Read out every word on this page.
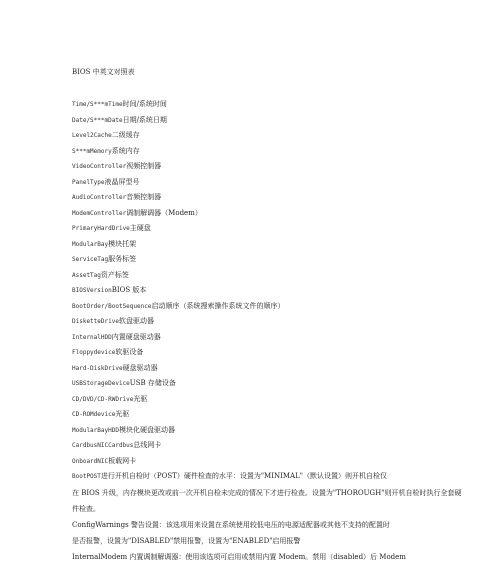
BIOS 中英文对照表
Time/S***mTime时间/系统时间
Date/S***mDate日期/系统日期
Level2Cache二级缓存
S***mMemory系统内存
VideoController视频控制器
PanelType液晶屏型号
AudioController音频控制器
ModemController调制解调器（Modem）
PrimaryHardDrive主硬盘
ModularBay模块托架
ServiceTag服务标签
AssetTag资产标签
BIOSVersionBIOS 版本
BootOrder/BootSequence启动顺序（系统搜索操作系统文件的顺序）
DisketteDrive软盘驱动器
InternalHDD内置硬盘驱动器
Floppydevice软驱设备
Hard-DiskDrive硬盘驱动器
USBStorageDeviceUSB 存储设备
CD/DVD/CD-RWDrive光驱
CD-ROMdevice光驱
ModularBayHDD模块化硬盘驱动器
CardbusNICCardbus总线网卡
OnboardNIC板载网卡
BootPOST进行开机自检时（POST）硬件检查的水平：设置为"MINIMAL"（默认设置）则开机自检仅
在 BIOS 升级，内存模块更改或前一次开机自检未完成的情况下才进行检查。设置为"THOROUGH"则开机自检时执行全套硬
件检查。
ConfigWarnings 警告设置：该选项用来设置在系统使用较低电压的电源适配器或其他不支持的配置时
是否报警，设置为"DISABLED"禁用报警，设置为"ENABLED"启用报警
InternalModem 内置调制解调器：使用该选项可启用或禁用内置 Modem。禁用（disabled）后 Modem
